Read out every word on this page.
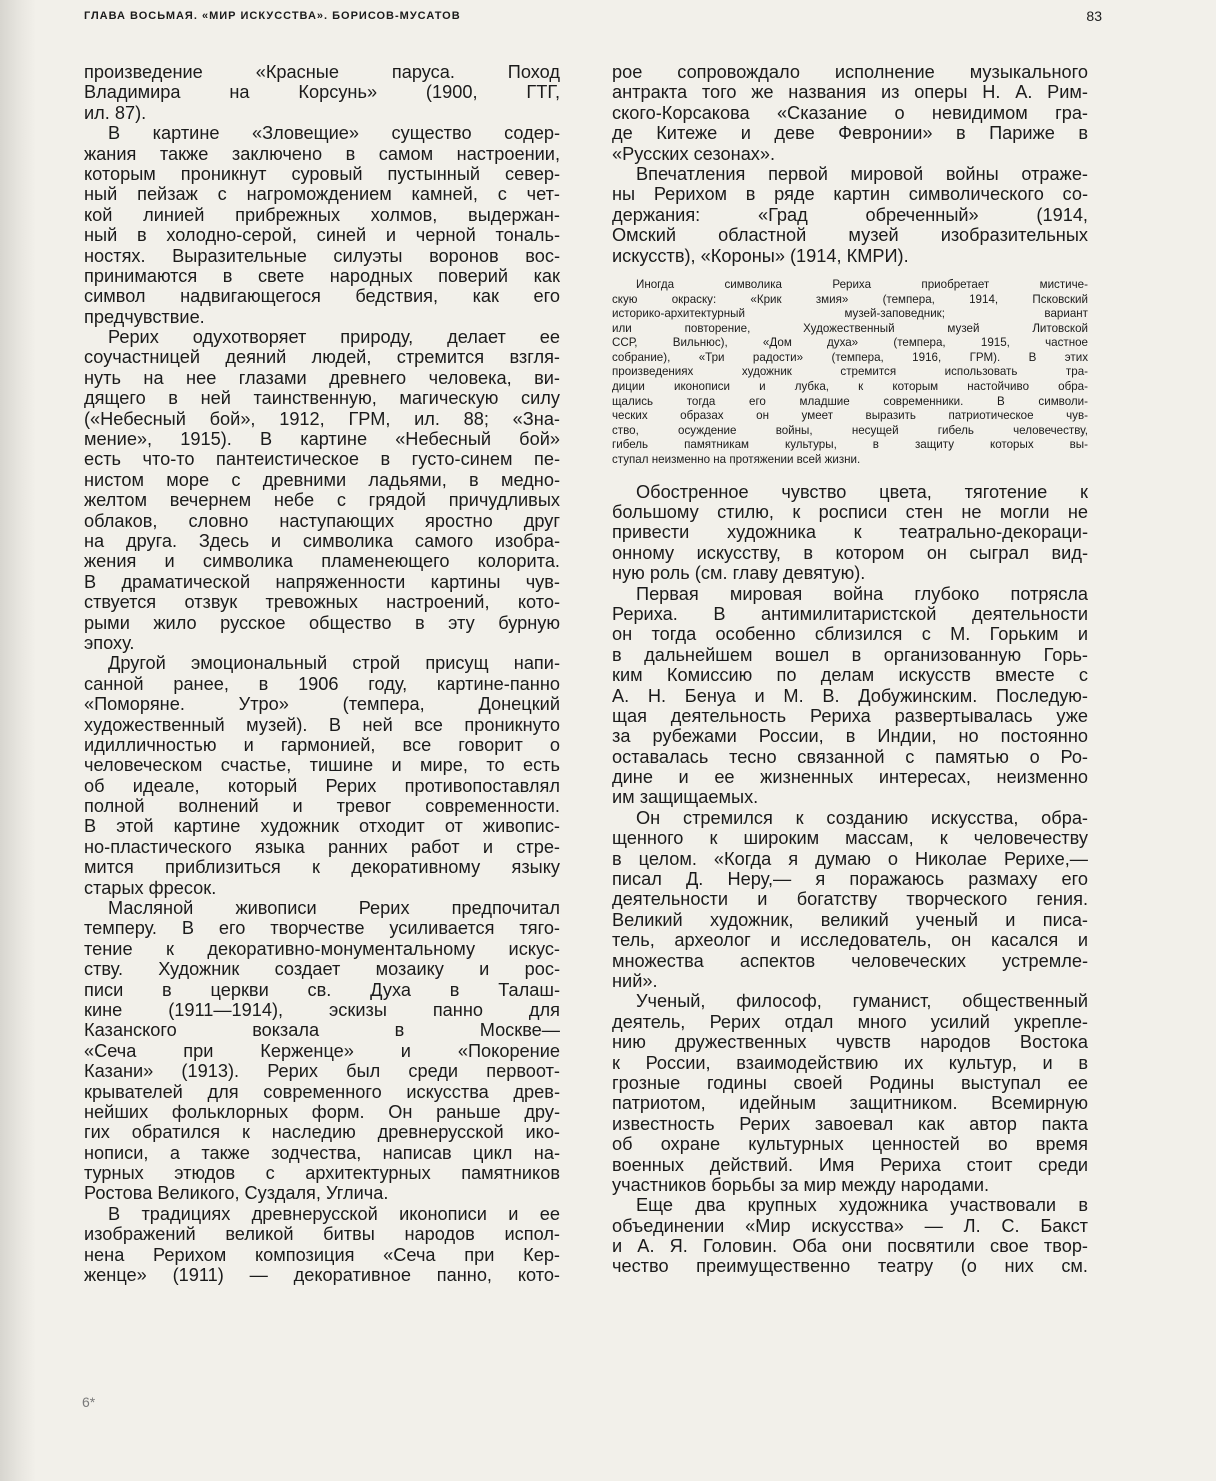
ГЛАВА ВОСЬМАЯ. «МИР ИСКУССТВА». БОРИСОВ-МУСАТОВ	83
произведение «Красные паруса. Поход
Владимира на Корсунь» (1900, ГТГ,
ил. 87).
В картине «Зловещие» существо содер-
жания также заключено в самом настроении,
которым проникнут суровый пустынный север-
ный пейзаж с нагромождением камней, с чет-
кой линией прибрежных холмов, выдержан-
ный в холодно-серой, синей и черной тональ-
ностях. Выразительные силуэты воронов вос-
принимаются в свете народных поверий как
символ надвигающегося бедствия, как его
предчувствие.
Рерих одухотворяет природу, делает ее
соучастницей деяний людей, стремится взгля-
нуть на нее глазами древнего человека, ви-
дящего в ней таинственную, магическую силу
(«Небесный бой», 1912, ГРМ, ил. 88; «Зна-
мение», 1915). В картине «Небесный бой»
есть что-то пантеистическое в густо-синем пе-
нистом море с древними ладьями, в медно-
желтом вечернем небе с грядой причудливых
облаков, словно наступающих яростно друг
на друга. Здесь и символика самого изобра-
жения и символика пламенеющего колорита.
В драматической напряженности картины чув-
ствуется отзвук тревожных настроений, кото-
рыми жило русское общество в эту бурную
эпоху.
Другой эмоциональный строй присущ напи-
санной ранее, в 1906 году, картине-панно
«Поморяне. Утро» (темпера, Донецкий
художественный музей). В ней все проникнуто
идилличностью и гармонией, все говорит о
человеческом счастье, тишине и мире, то есть
об идеале, который Рерих противопоставлял
полной волнений и тревог современности.
В этой картине художник отходит от живопис-
но-пластического языка ранних работ и стре-
мится приблизиться к декоративному языку
старых фресок.
Масляной живописи Рерих предпочитал
темперу. В его творчестве усиливается тяго-
тение к декоративно-монументальному искус-
ству. Художник создает мозаику и рос-
писи в церкви св. Духа в Талаш-
кине (1911—1914), эскизы панно для
Казанского вокзала в Москве—
«Сеча при Керженце» и «Покорение
Казани» (1913). Рерих был среди первоот-
крывателей для современного искусства древ-
нейших фольклорных форм. Он раньше дру-
гих обратился к наследию древнерусской ико-
нописи, а также зодчества, написав цикл на-
турных этюдов с архитектурных памятников
Ростова Великого, Суздаля, Углича.
В традициях древнерусской иконописи и ее
изображений великой битвы народов испол-
нена Рерихом композиция «Сеча при Кер-
женце» (1911) — декоративное панно, кото-
рое сопровождало исполнение музыкального
антракта того же названия из оперы Н. А. Рим-
ского-Корсакова «Сказание о невидимом гра-
де Китеже и деве Февронии» в Париже в
«Русских сезонах».
Впечатления первой мировой войны отраже-
ны Рерихом в ряде картин символического со-
держания: «Град обреченный» (1914,
Омский областной музей изобразительных
искусств), «Короны» (1914, КМРИ).
Иногда символика Рериха приобретает мистиче-
скую окраску: «Крик змия» (темпера, 1914, Псковский
историко-архитектурный музей-заповедник; вариант
или повторение, Художественный музей Литовской
ССР, Вильнюс), «Дом духа» (темпера, 1915, частное
собрание), «Три радости» (темпера, 1916, ГРМ). В этих
произведениях художник стремится использовать тра-
диции иконописи и лубка, к которым настойчиво обра-
щались тогда его младшие современники. В символи-
ческих образах он умеет выразить патриотическое чув-
ство, осуждение войны, несущей гибель человечеству,
гибель памятникам культуры, в защиту которых вы-
ступал неизменно на протяжении всей жизни.
Обостренное чувство цвета, тяготение к
большому стилю, к росписи стен не могли не
привести художника к театрально-декораци-
онному искусству, в котором он сыграл вид-
ную роль (см. главу девятую).
Первая мировая война глубоко потрясла
Рериха. В антимилитаристской деятельности
он тогда особенно сблизился с М. Горьким и
в дальнейшем вошел в организованную Горь-
ким Комиссию по делам искусств вместе с
А. Н. Бенуа и М. В. Добужинским. Последую-
щая деятельность Рериха развертывалась уже
за рубежами России, в Индии, но постоянно
оставалась тесно связанной с памятью о Ро-
дине и ее жизненных интересах, неизменно
им защищаемых.
Он стремился к созданию искусства, обра-
щенного к широким массам, к человечеству
в целом. «Когда я думаю о Николае Рерихе,—
писал Д. Неру,— я поражаюсь размаху его
деятельности и богатству творческого гения.
Великий художник, великий ученый и писа-
тель, археолог и исследователь, он касался и
множества аспектов человеческих устремле-
ний».
Ученый, философ, гуманист, общественный
деятель, Рерих отдал много усилий укрепле-
нию дружественных чувств народов Востока
к России, взаимодействию их культур, и в
грозные годины своей Родины выступал ее
патриотом, идейным защитником. Всемирную
известность Рерих завоевал как автор пакта
об охране культурных ценностей во время
военных действий. Имя Рериха стоит среди
участников борьбы за мир между народами.
Еще два крупных художника участвовали в
объединении «Мир искусства» — Л. С. Бакст
и А. Я. Головин. Оба они посвятили свое твор-
чество преимущественно театру (о них см.
6*
